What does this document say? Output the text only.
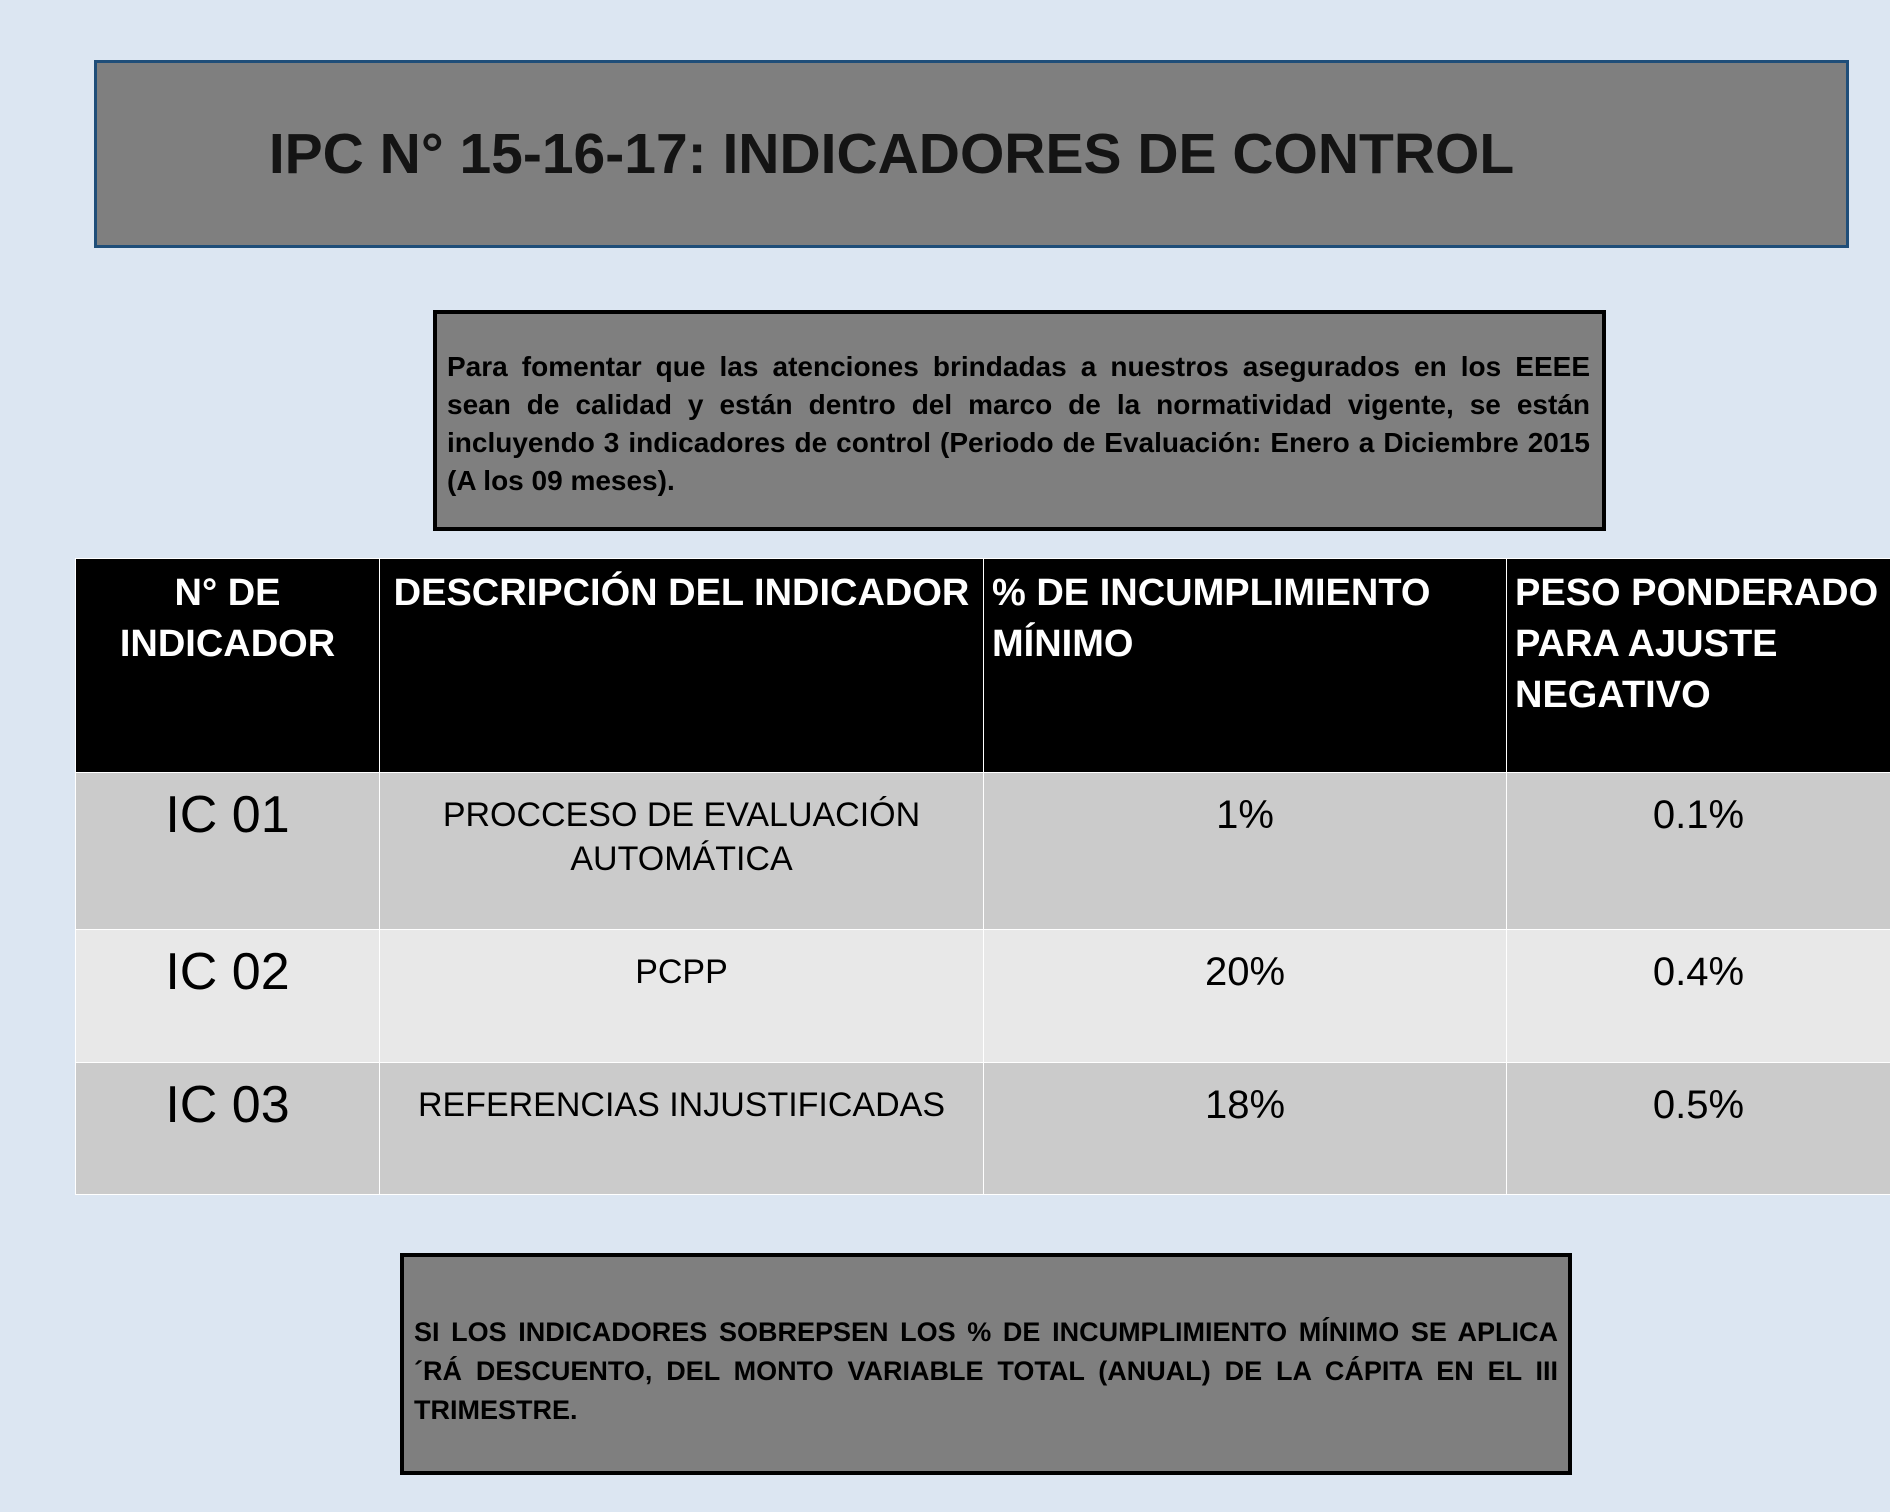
IPC N° 15-16-17: INDICADORES DE CONTROL
Para fomentar que las atenciones brindadas a nuestros asegurados en los EEEE sean de calidad y están dentro del marco de la normatividad vigente, se están incluyendo 3 indicadores de control (Periodo de Evaluación: Enero a Diciembre 2015 (A los 09 meses).
N° DE INDICADOR	DESCRIPCIÓN DEL INDICADOR	% DE INCUMPLIMIENTO MÍNIMO	PESO PONDERADO PARA AJUSTE NEGATIVO
IC 01	PROCCESO DE EVALUACIÓN AUTOMÁTICA	1%	0.1%
IC 02	PCPP	20%	0.4%
IC 03	REFERENCIAS INJUSTIFICADAS	18%	0.5%
SI LOS INDICADORES SOBREPSEN LOS % DE INCUMPLIMIENTO MÍNIMO SE APLICA´RÁ DESCUENTO, DEL MONTO VARIABLE TOTAL (ANUAL) DE LA CÁPITA EN EL III TRIMESTRE.
